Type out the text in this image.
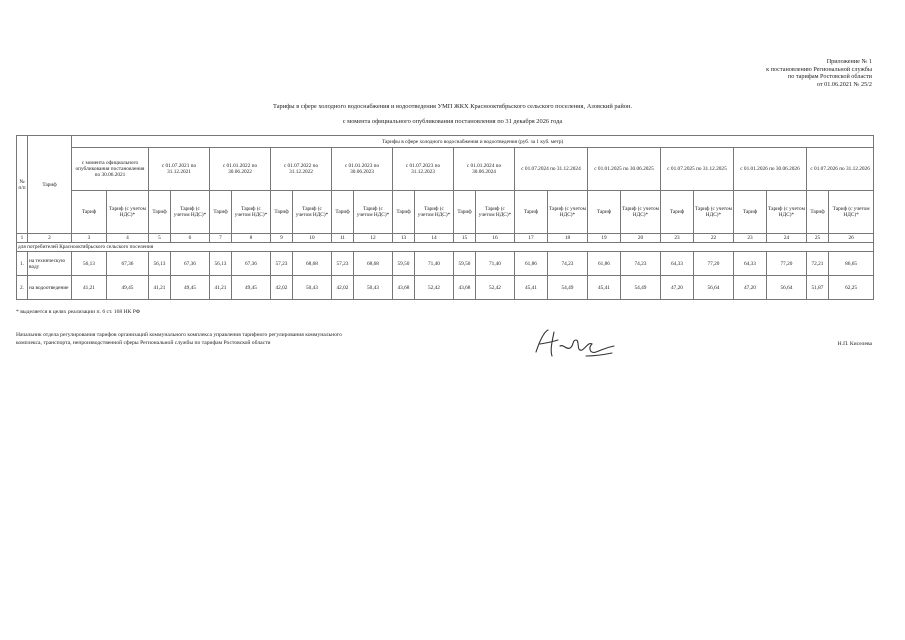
Приложение № 1
к постановлению Региональной службы
по тарифам Ростовской области
от 01.06.2021 № 25/2
Тарифы в сфере холодного водоснабжения и водоотведения УМП ЖКХ Краснооктябрьского сельского поселения, Азовский район.
с момента официального опубликования постановления по 31 декабря 2026 года
№ п/п	Тариф	Тарифы в сфере холодного водоснабжения и водоотведения (руб. за 1 куб. метр)																							
		с момента официального опубликования постановления по 30.06.2021		с 01.07.2021 по 31.12.2021		с 01.01.2022 по 30.06.2022		с 01.07.2022 по 31.12.2022		с 01.01.2023 по 30.06.2023		с 01.07.2023 по 31.12.2023		с 01.01.2024 по 30.06.2024		с 01.07.2024 по 31.12.2024		с 01.01.2025 по 30.06.2025		с 01.07.2025 по 31.12.2025		с 01.01.2026 по 30.06.2026		с 01.07.2026 по 31.12.2026	
		Тариф	Тариф (с учетом НДС)*	Тариф	Тариф (с учетом НДС)*	Тариф	Тариф (с учетом НДС)*	Тариф	Тариф (с учетом НДС)*	Тариф	Тариф (с учетом НДС)*	Тариф	Тариф (с учетом НДС)*	Тариф	Тариф (с учетом НДС)*	Тариф	Тариф (с учетом НДС)*	Тариф	Тариф (с учетом НДС)*	Тариф	Тариф (с учетом НДС)*	Тариф	Тариф (с учетом НДС)*	Тариф	Тариф (с учетом НДС)*
1	2	3	4	5	6	7	8	9	10	11	12	13	14	15	16	17	18	19	20	23	22	23	24	25	26
для потребителей Краснооктябрьского сельского поселения																									
1.	на техническую воду	56,13	67,36	56,13	67,36	56,13	67,36	57,23	68,68	57,23	68,68	59,50	71,40	59,50	71,40	61,86	74,23	61,86	74,23	64,33	77,20	64,33	77,20	72,21	86,65
2.	на водоотведение	41,21	49,45	41,21	49,45	41,21	49,45	42,02	50,43	42,02	50,43	43,68	52,42	43,68	52,42	45,41	54,49	45,41	54,49	47,20	56,64	47,20	56,64	51,87	62,25
* выделяется в целях реализации п. 6 ст. 168 НК РФ
Начальник отдела регулирования тарифов организаций коммунального комплекса управления тарифного регулирования коммунального комплекса, транспорта, непроизводственной сферы Региональной службы по тарифам Ростовской области	Н.П. Киселева
